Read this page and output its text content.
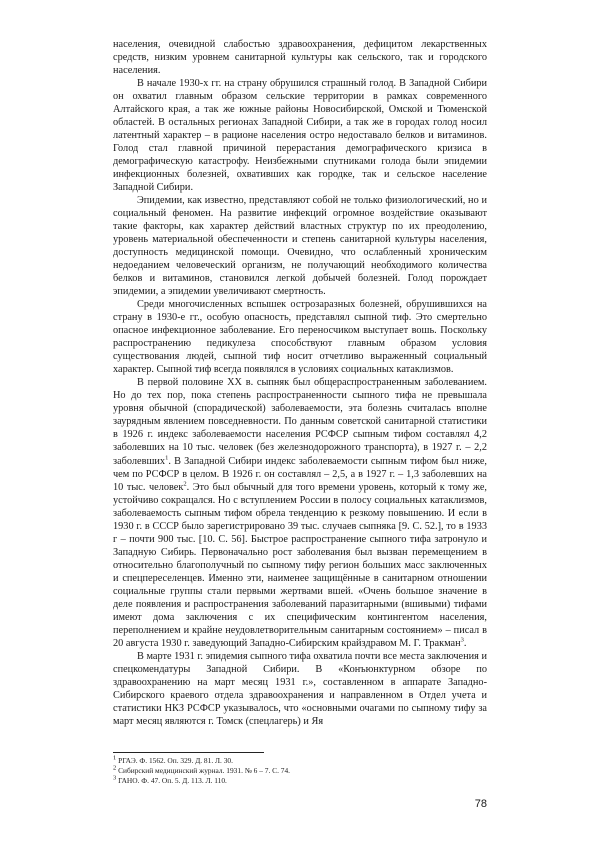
населения, очевидной слабостью здравоохранения, дефицитом лекарственных средств, низким уровнем санитарной культуры как сельского, так и городского населения.

В начале 1930-х гг. на страну обрушился страшный голод. В Западной Сибири он охватил главным образом сельские территории в рамках современного Алтайского края, а так же южные районы Новосибирской, Омской и Тюменской областей. В остальных регионах Западной Сибири, а так же в городах голод носил латентный характер – в рационе населения остро недоставало белков и витаминов. Голод стал главной причиной перерастания демографического кризиса в демографическую катастрофу. Неизбежными спутниками голода были эпидемии инфекционных болезней, охвативших как городке, так и сельское население Западной Сибири.

Эпидемии, как известно, представляют собой не только физиологический, но и социальный феномен. На развитие инфекций огромное воздействие оказывают такие факторы, как характер действий властных структур по их преодолению, уровень материальной обеспеченности и степень санитарной культуры населения, доступность медицинской помощи. Очевидно, что ослабленный хроническим недоеданием человеческий организм, не получающий необходимого количества белков и витаминов, становился легкой добычей болезней. Голод порождает эпидемии, а эпидемии увеличивают смертность.

Среди многочисленных вспышек острозаразных болезней, обрушившихся на страну в 1930-е гг., особую опасность, представлял сыпной тиф. Это смертельно опасное инфекционное заболевание. Его переносчиком выступает вошь. Поскольку распространению педикулеза способствуют главным образом условия существования людей, сыпной тиф носит отчетливо выраженный социальный характер. Сыпной тиф всегда появлялся в условиях социальных катаклизмов.

В первой половине ХХ в. сыпняк был общераспространенным заболеванием. Но до тех пор, пока степень распространенности сыпного тифа не превышала уровня обычной (спорадической) заболеваемости, эта болезнь считалась вполне заурядным явлением повседневности. По данным советской санитарной статистики в 1926 г. индекс заболеваемости населения РСФСР сыпным тифом составлял 4,2 заболевших на 10 тыс. человек (без железнодорожного транспорта), в 1927 г. – 2,2 заболевших$^1$. В Западной Сибири индекс заболеваемости сыпным тифом был ниже, чем по РСФСР в целом. В 1926 г. он составлял – 2,5, а в 1927 г. – 1,3 заболевших на 10 тыс. человек$^2$. Это был обычный для того времени уровень, который к тому же, устойчиво сокращался. Но с вступлением России в полосу социальных катаклизмов, заболеваемость сыпным тифом обрела тенденцию к резкому повышению. И если в 1930 г. в СССР было зарегистрировано 39 тыс. случаев сыпняка [9. С. 52.], то в 1933 г – почти 900 тыс. [10. С. 56]. Быстрое распространение сыпного тифа затронуло и Западную Сибирь. Первоначально рост заболевания был вызван перемещением в относительно благополучный по сыпному тифу регион больших масс заключенных и спецпереселенцев. Именно эти, наименее защищённые в санитарном отношении социальные группы стали первыми жертвами вшей. «Очень большое значение в деле появления и распространения заболеваний паразитарными (вшивыми) тифами имеют дома заключения с их специфическим контингентом населения, переполнением и крайне неудовлетворительным санитарным состоянием» – писал в 20 августа 1930 г. заведующий Западно-Сибирским крайздравом М. Г. Тракман$^3$.

В марте 1931 г. эпидемия сыпного тифа охватила почти все места заключения и спецкомендатуры Западной Сибири. В «Конъюнктурном обзоре по здравоохранению на март месяц 1931 г.», составленном в аппарате Западно-Сибирского краевого отдела здравоохранения и направленном в Отдел учета и статистики НКЗ РСФСР указывалось, что «основными очагами по сыпному тифу за март месяц являются г. Томск (спецлагерь) и Яя

$^1$ РГАЭ. Ф. 1562. Оп. 329. Д. 81. Л. 30.

$^2$ Сибирский медицинский журнал. 1931. № 6 – 7. С. 74.

$^3$ ГАНО. Ф. 47. Оп. 5. Д. 113. Л. 110.

78
